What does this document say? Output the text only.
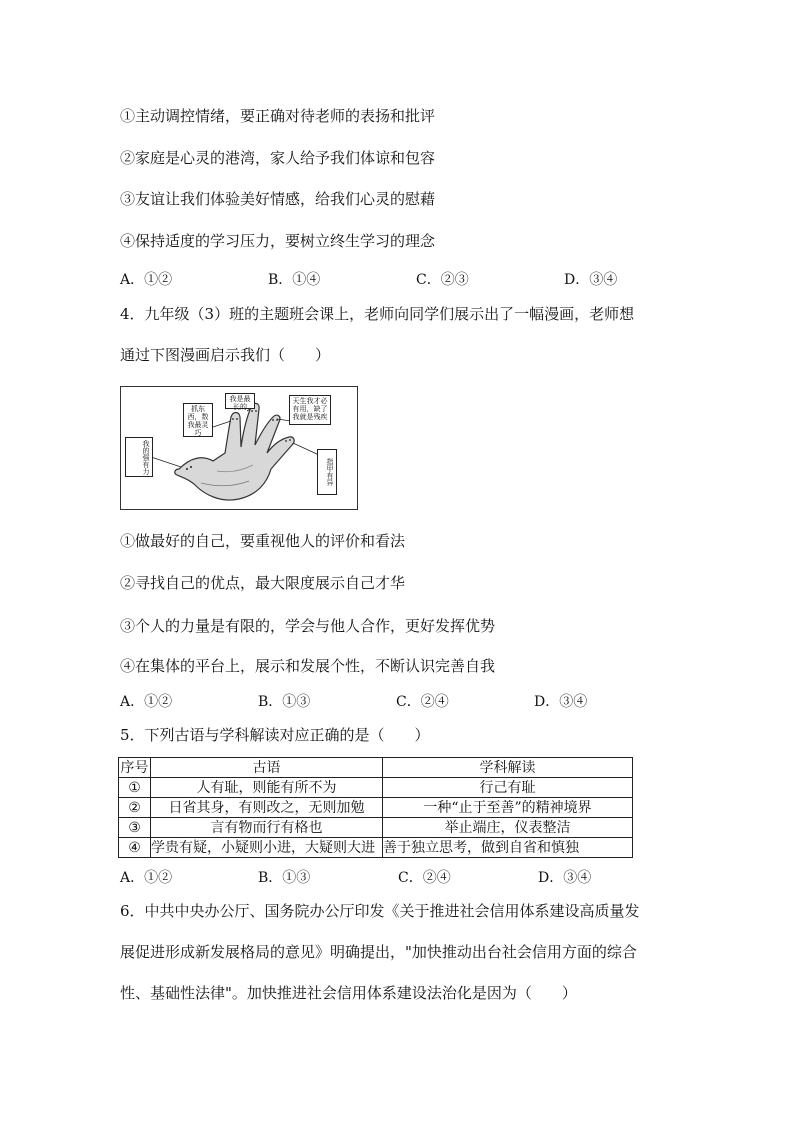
①主动调控情绪，要正确对待老师的表扬和批评
②家庭是心灵的港湾，家人给予我们体谅和包容
③友谊让我们体验美好情感，给我们心灵的慰藉
④保持适度的学习压力，要树立终生学习的理念
A．①②	B．①④	C．②③	D．③④
4．九年级（3）班的主题班会课上，老师向同学们展示出了一幅漫画，老师想
通过下图漫画启示我们（　　）
我的强有力
抓东西，数我最灵巧
我是最长的
天生我才必有用，缺了我就是残疾
指甲有异
①做最好的自己，要重视他人的评价和看法
②寻找自己的优点，最大限度展示自己才华
③个人的力量是有限的，学会与他人合作，更好发挥优势
④在集体的平台上，展示和发展个性，不断认识完善自我
A．①②	B．①③	C．②④	D．③④
5．下列古语与学科解读对应正确的是（　　）
序号	古语	学科解读
①	人有耻，则能有所不为	行己有耻
②	日省其身，有则改之，无则加勉	一种“止于至善”的精神境界
③	言有物而行有格也	举止端庄，仪表整洁
④	学贵有疑，小疑则小进，大疑则大进	善于独立思考，做到自省和慎独
A．①②	B．①③	C．②④	D．③④
6．中共中央办公厅、国务院办公厅印发《关于推进社会信用体系建设高质量发
展促进形成新发展格局的意见》明确提出，"加快推动出台社会信用方面的综合
性、基础性法律"。加快推进社会信用体系建设法治化是因为（　　）
